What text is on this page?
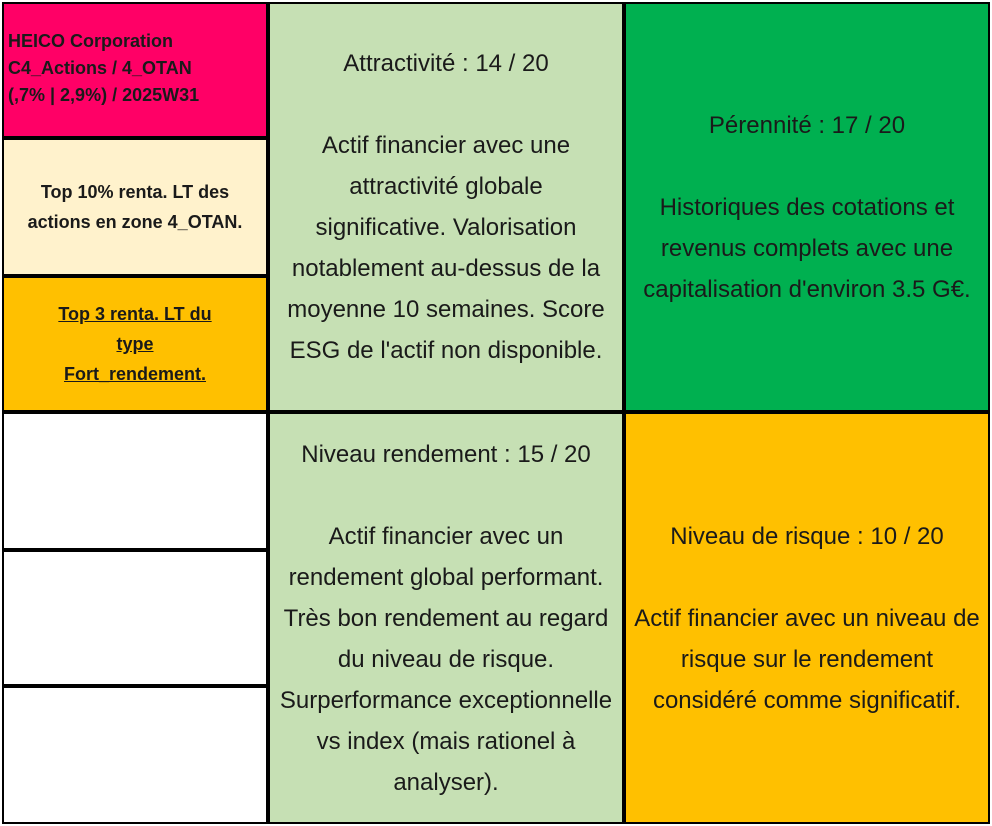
HEICO Corporation
C4_Actions / 4_OTAN
(,7% | 2,9%) / 2025W31
Top 10% renta. LT des actions en zone 4_OTAN.
Top 3 renta. LT du type Fort_rendement.
Attractivité : 14 / 20
Actif financier avec une attractivité globale significative. Valorisation notablement au-dessus de la moyenne 10 semaines. Score ESG de l'actif non disponible.
Pérennité : 17 / 20
Historiques des cotations et revenus complets avec une capitalisation d'environ 3.5 G€.
Niveau rendement : 15 / 20
Actif financier avec un rendement global performant. Très bon rendement au regard du niveau de risque. Surperformance exceptionnelle vs index (mais rationel à analyser).
Niveau de risque : 10 / 20
Actif financier avec un niveau de risque sur le rendement considéré comme significatif.
